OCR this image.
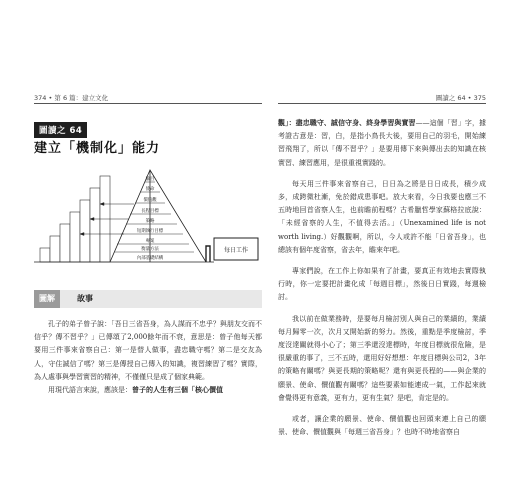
374 • 第 6 篇：建立文化	圖讀之 64 • 375
圖讀之 64
建立「機制化」能力
驗目
使命
價值觀
長程目標
策略
短期執行目標
專案
衡量方法
內部基礎結構
每日工作
圖解	故事

孔子的弟子曾子說：「吾日三省吾身，為人謀而不忠乎？與朋友交而不信乎？傳不習乎？」已傳頌了2,000餘年而不衰，意思是：曾子他每天都要用三件事來省察自己：第一是替人做事，盡忠職守嗎？第二是交友為人，守住誠信了嗎？第三是傳授自己傳入的知識，複習練習了嗎？實際，為人處事與學習實習的精神，不僅僅只是成了個家典範。

用現代語言來說，應該是：曾子的人生有三個「核心價值

觀」：盡忠職守、誠信守身、終身學習與實習——這個「習」字，據考證古意是：習，白，是指小鳥長大後，要用自己的羽毛，開始練習飛翔了，所以「傳不習乎？」是要用傳下來與傳出去的知識在核實習、練習應用，是很重視實踐的。

每天用三件事來省察自己，日日為之將是日日成長，積少成多，成跨微杜漸，免於錯成患事吧。放大來看，今日我要也應三不五時地回首省察人生，也前瞻前程嗎？古希臘哲學家蘇格拉底說：「未經省察的人生，不值得去活。」（Unexamined life is not worth living.）好觀觀啊，所以，今人或許不能「日省吾身」，也總該有個年度省察，省去年，瞻來年吧。

專家們說，在工作上你如果有了計畫，要真正有效地去實際執行時，你一定要把計畫化成「每週目標」，然後日日實踐，每週檢討。

我以前在做業務時，是要每月檢討別人與自己的業績的，業績每月歸零一次，次月又開始新的努力。然後，重點是季度檢討，季度沒達關就得小心了；第三季還沒達標時，年度目標就很危險，是很嚴重的事了，三不五時，還用好好想想：年度目標與公司2，3年的策略有關嗎？與更長期的策略呢？還有與更長程的——與企業的願景、使命、價值觀有關嗎？這些要素如能連成一氣，工作起來就會覺得更有意義，更有力，更有生氣？是吧，肯定是的。

或者，讓企業的願景、使命、價值觀也回頭來連上自己的願景、使命、價值觀與「每週三省吾身」？也時不時地省察自
